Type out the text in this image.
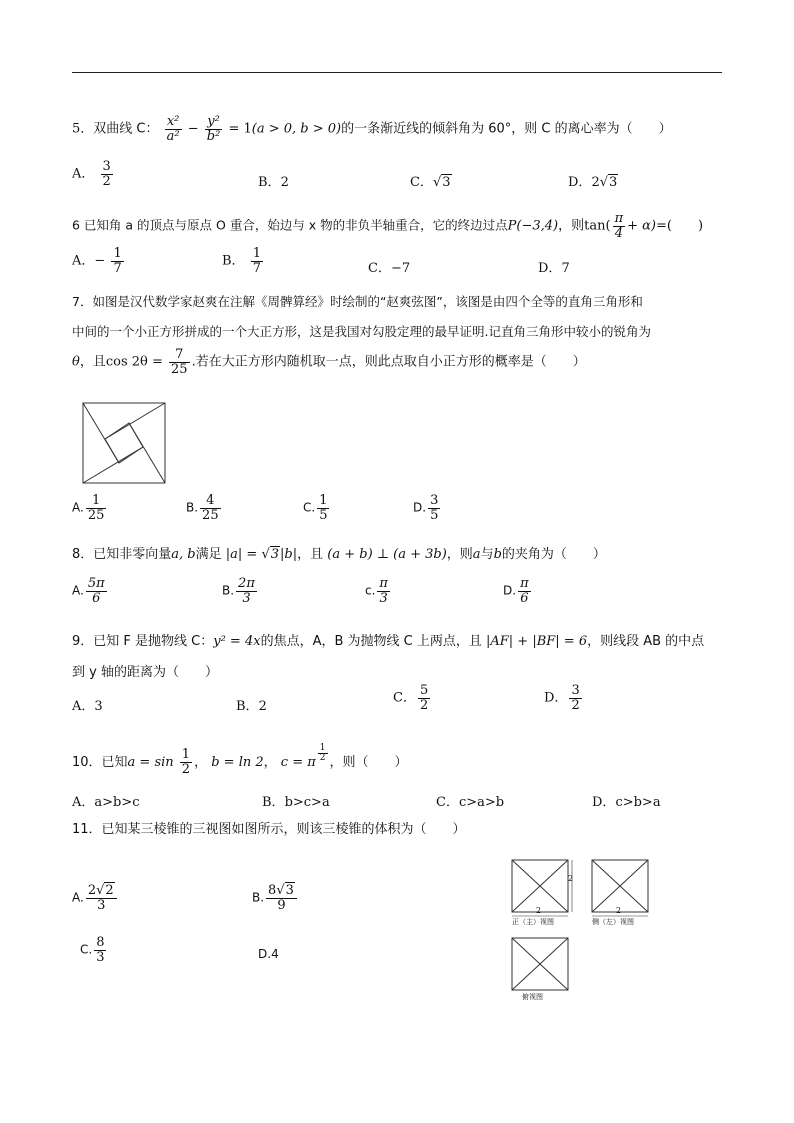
5．双曲线 C： $\frac{\text{x²}}{\text{a²}} - \frac{\text{y²}}{\text{b²}} = 1(a > 0$, b > 0)的一条渐近线的倾斜角为 60°，则 C 的离心率为（　　）
A． $\frac{3}{2}$	B．2	C．√3	D．2√3
6 已知角 a 的顶点与原点 O 重合，始边与 x 物的非负半轴重合，它的终边过点P(−3,4)，则$\tan( \frac{\pi}{4} + \alpha)=$(　　)
A．− $\frac{1}{7}$	B． $\frac{1}{7}$	C．−7	D．7
7．如图是汉代数学家赵爽在注解《周髀算经》时绘制的“赵爽弦图”，该图是由四个全等的直角三角形和
中间的一个小正方形拼成的一个大正方形，这是我国对勾股定理的最早证明.记直角三角形中较小的锐角为
θ，且$\cos 2\theta = \frac{7}{25}$ .若在大正方形内随机取一点，则此点取自小正方形的概率是（　　）
A. $\frac{1}{25}$	B. $\frac{4}{25}$	C. $\frac{1}{5}$	D. $\frac{3}{5}$
8．已知非零向量a, b满足 |a| = √3|b|，且 (a + b) ⊥ (a + 3b)，则a与b的夹角为（　　）
A. $\frac{5\pi}{6}$	B. $\frac{2\pi}{3}$	c. $\frac{\pi}{3}$	D. $\frac{\pi}{6}$
9．已知 F 是抛物线 C：y² = 4x的焦点，A，B 为抛物线 C 上两点，且 |AF| + |BF| = 6，则线段 AB 的中点
到 y 轴的距离为（　　）
A．3	B．2
C． $\frac{5}{2}$	D． $\frac{3}{2}$
10．已知$a = \sin \frac{1}{2}$ ， b = ln 2， c = π $^{\frac{1}{2}}$ ，则（　　）
A．a>b>c	B．b>c>a	C．c>a>b	D．c>b>a
11．已知某三棱锥的三视图如图所示，则该三棱锥的体积为（　　）
A. $\frac{2√2}{3}$	B. $\frac{8√3}{9}$
C. $\frac{8}{3}$	D.4
2
2	2
正（主）视图	侧（左）视图
俯视图
